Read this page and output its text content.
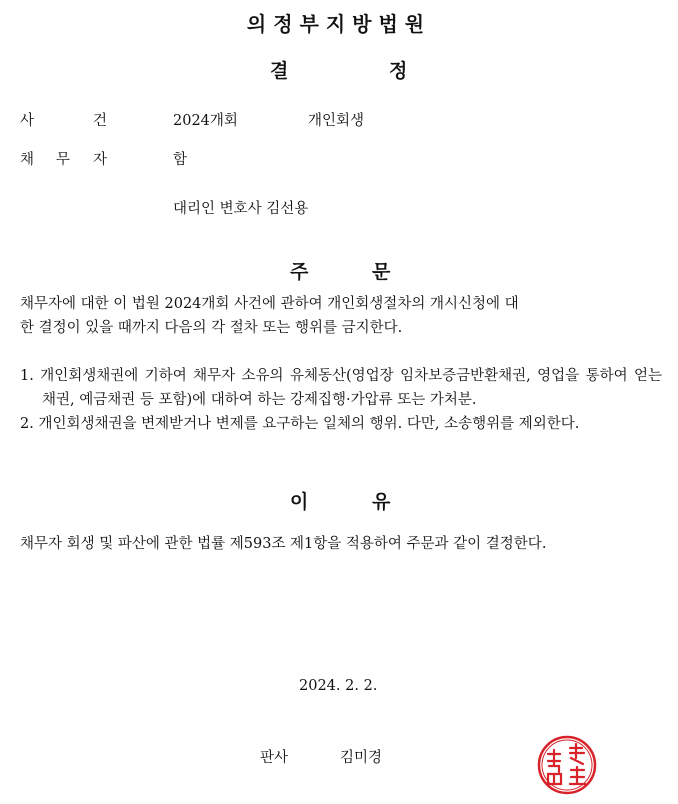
의정부지방법원
결	정
사	건	2024개회	개인회생
채 무 자	함
대리인 변호사 김선용
주	문
채무자에 대한 이 법원 2024개회 사건에 관하여 개인회생절차의 개시신청에 대
한 결정이 있을 때까지 다음의 각 절차 또는 행위를 금지한다.
1. 개인회생채권에 기하여 채무자 소유의 유체동산(영업장 임차보증금반환채권, 영업을 통하여 얻는 채권, 예금채권 등 포함)에 대하여 하는 강제집행·가압류 또는 가처분.
2. 개인회생채권을 변제받거나 변제를 요구하는 일체의 행위. 다만, 소송행위를 제외한다.
이	유
채무자 회생 및 파산에 관한 법률 제593조 제1항을 적용하여 주문과 같이 결정한다.
2024. 2. 2.
판사	김미경
